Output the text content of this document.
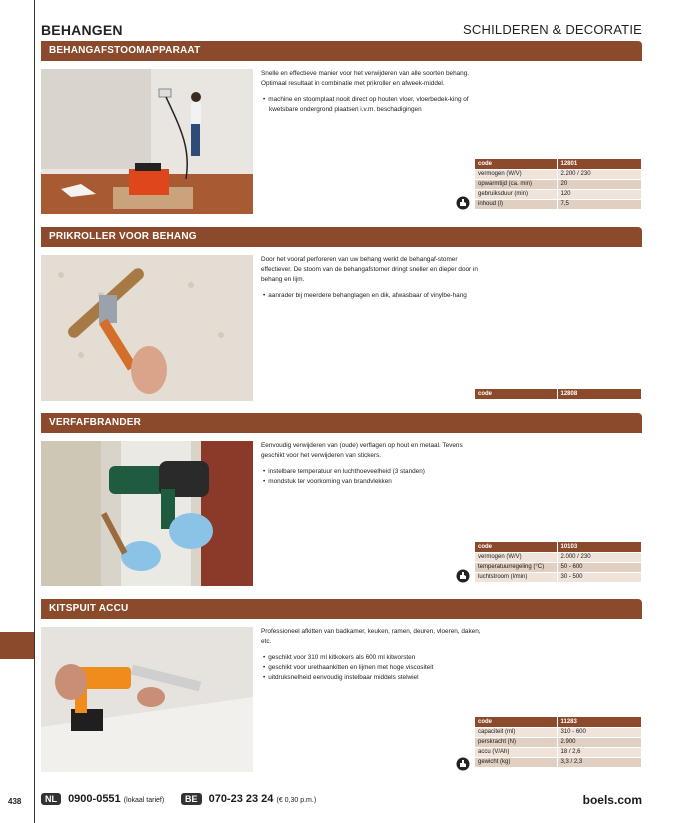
438
BEHANGEN	SCHILDEREN & DECORATIE
BEHANGAFSTOOMAPPARAAT

Snelle en effectieve manier voor het verwijderen van alle soorten behang. Optimaal resultaat in combinatie met prikroller en afweek-middel.

• machine en stoomplaat nooit direct op houten vloer, vloerbedek-king of kwetsbare ondergrond plaatsen i.v.m. beschadigingen
code	12801
vermogen (W/V)	2.200 / 230
opwarmtijd (ca. min)	20
gebruiksduur (min)	120
inhoud (l)	7,5
PRIKROLLER VOOR BEHANG

Door het vooraf perforeren van uw behang werkt de behangaf-stomer effectiever. De stoom van de behangafstomer dringt sneller en dieper door in behang en lijm.

• aanrader bij meerdere behanglagen en dik, afwasbaar of vinylbe-hang
code	12808
VERFAFBRANDER

Eenvoudig verwijderen van (oude) verflagen op hout en metaal. Tevens geschikt voor het verwijderen van stickers.

• instelbare temperatuur en luchthoeveelheid (3 standen)
• mondstuk ter voorkoming van brandvlekken
code	10103
vermogen (W/V)	2.000 / 230
temperatuurregeling (°C)	50 - 600
luchtstroom (l/min)	30 - 500
KITSPUIT ACCU

Professioneel afkitten van badkamer, keuken, ramen, deuren, vloeren, daken, etc.

• geschikt voor 310 ml kitkokers als 600 ml kitworsten
• geschikt voor urethaankitten en lijmen met hoge viscositeit
• uitdruksnelheid eenvoudig instelbaar middels stelwiel
code	11283
capaciteit (ml)	310 - 600
perskracht (N)	2.900
accu (V/Ah)	18 / 2,6
gewicht (kg)	3,3 / 2,3
NL 0900-0551 (lokaal tarief)	BE 070-23 23 24 (€ 0,30 p.m.)	boels.com
